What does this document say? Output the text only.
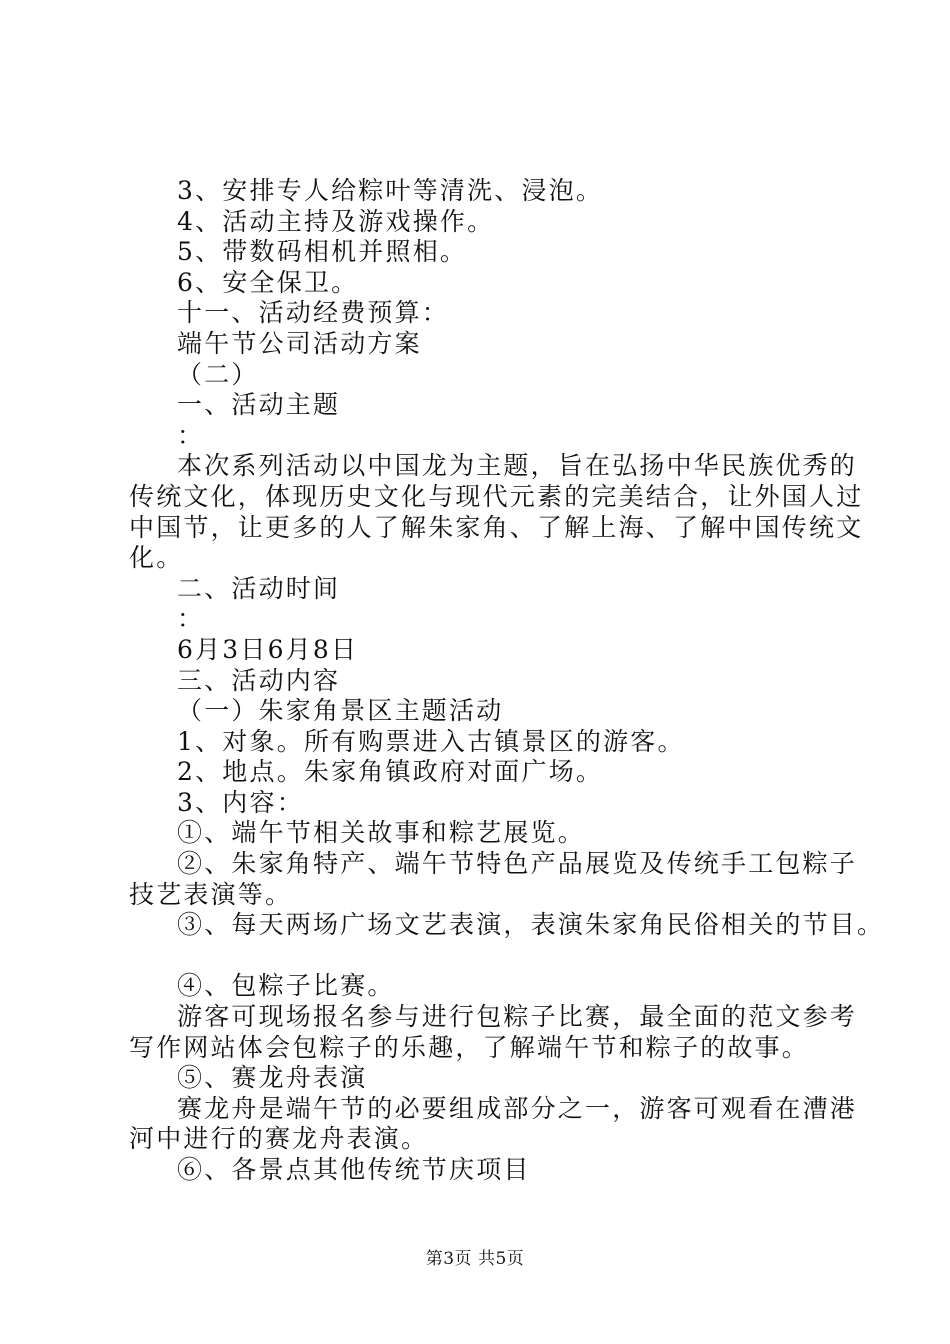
3、安排专人给粽叶等清洗、浸泡。
4、活动主持及游戏操作。
5、带数码相机并照相。
6、安全保卫。
十一、活动经费预算：
端午节公司活动方案
（二）
一、活动主题
：
本次系列活动以中国龙为主题，旨在弘扬中华民族优秀的
传统文化，体现历史文化与现代元素的完美结合，让外国人过
中国节，让更多的人了解朱家角、了解上海、了解中国传统文
化。
二、活动时间
：
6月3日6月8日
三、活动内容
（一）朱家角景区主题活动
1、对象。所有购票进入古镇景区的游客。
2、地点。朱家角镇政府对面广场。
3、内容：
①、端午节相关故事和粽艺展览。
②、朱家角特产、端午节特色产品展览及传统手工包粽子
技艺表演等。
③、每天两场广场文艺表演，表演朱家角民俗相关的节目。
④、包粽子比赛。
游客可现场报名参与进行包粽子比赛，最全面的范文参考
写作网站体会包粽子的乐趣，了解端午节和粽子的故事。
⑤、赛龙舟表演
赛龙舟是端午节的必要组成部分之一，游客可观看在漕港
河中进行的赛龙舟表演。
⑥、各景点其他传统节庆项目
第3页 共5页
